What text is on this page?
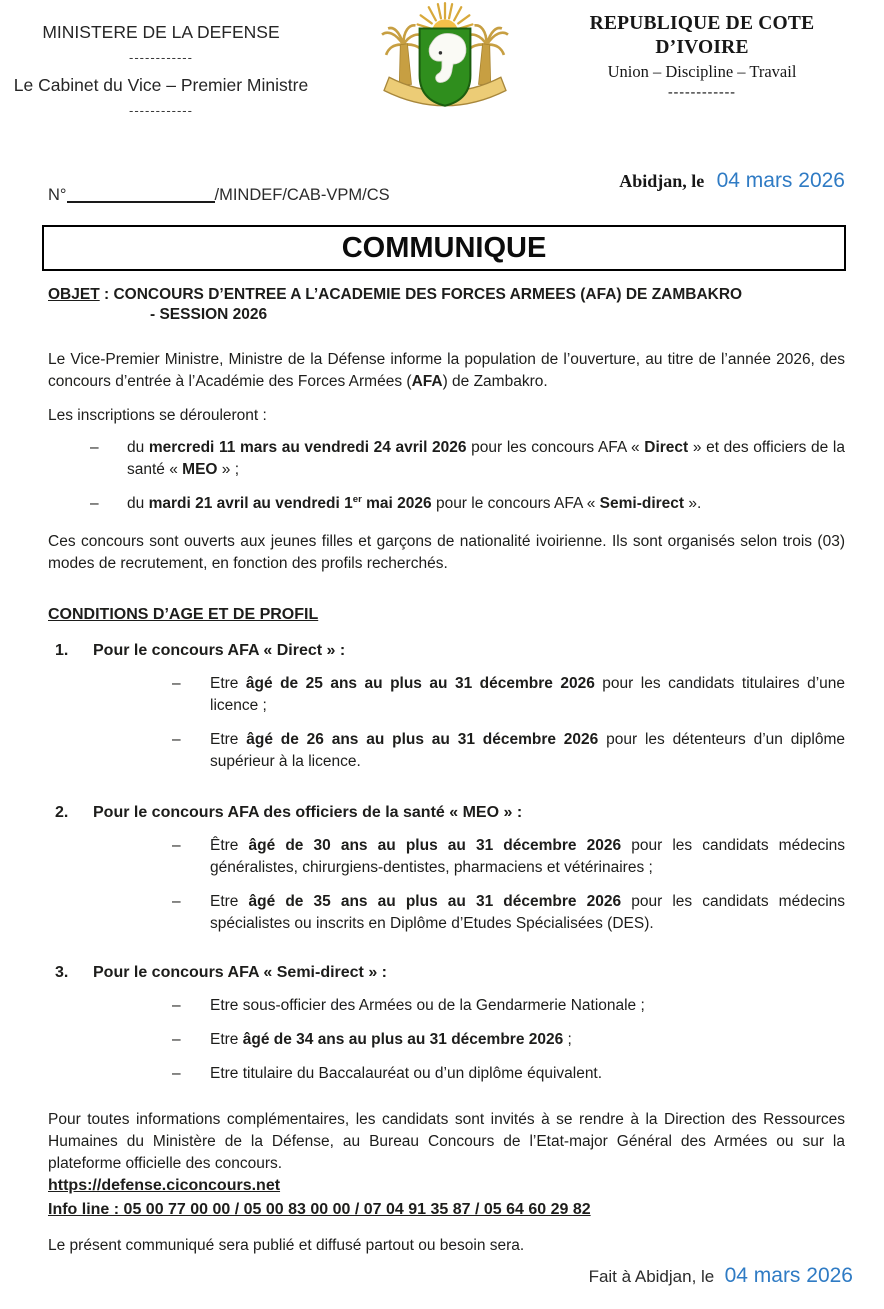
MINISTERE DE LA DEFENSE
------------
Le Cabinet du Vice – Premier Ministre
------------
REPUBLIQUE DE COTE D’IVOIRE
Union – Discipline – Travail
------------
N°	/MINDEF/CAB-VPM/CS
Abidjan, le 04 mars 2026
COMMUNIQUE
OBJET : CONCOURS D’ENTREE A L’ACADEMIE DES FORCES ARMEES (AFA) DE ZAMBAKRO
- SESSION 2026

Le Vice-Premier Ministre, Ministre de la Défense informe la population de l’ouverture, au titre de l’année 2026, des concours d’entrée à l’Académie des Forces Armées (AFA) de Zambakro.

Les inscriptions se dérouleront :

–	du mercredi 11 mars au vendredi 24 avril 2026 pour les concours AFA « Direct » et des officiers de la santé « MEO » ;
–	du mardi 21 avril au vendredi 1er mai 2026 pour le concours AFA « Semi-direct ».

Ces concours sont ouverts aux jeunes filles et garçons de nationalité ivoirienne. Ils sont organisés selon trois (03) modes de recrutement, en fonction des profils recherchés.

CONDITIONS D’AGE ET DE PROFIL
1.	Pour le concours AFA « Direct » :
–	Etre âgé de 25 ans au plus au 31 décembre 2026 pour les candidats titulaires d’une licence ;
–	Etre âgé de 26 ans au plus au 31 décembre 2026 pour les détenteurs d’un diplôme supérieur à la licence.
2.	Pour le concours AFA des officiers de la santé « MEO » :
–	Être âgé de 30 ans au plus au 31 décembre 2026 pour les candidats médecins généralistes, chirurgiens-dentistes, pharmaciens et vétérinaires ;
–	Etre âgé de 35 ans au plus au 31 décembre 2026 pour les candidats médecins spécialistes ou inscrits en Diplôme d’Etudes Spécialisées (DES).
3.	Pour le concours AFA « Semi-direct » :
–	Etre sous-officier des Armées ou de la Gendarmerie Nationale ;
–	Etre âgé de 34 ans au plus au 31 décembre 2026 ;
–	Etre titulaire du Baccalauréat ou d’un diplôme équivalent.

Pour toutes informations complémentaires, les candidats sont invités à se rendre à la Direction des Ressources Humaines du Ministère de la Défense, au Bureau Concours de l’Etat-major Général des Armées ou sur la plateforme officielle des concours.

https://defense.ciconcours.net
Info line : 05 00 77 00 00 / 05 00 83 00 00 / 07 04 91 35 87 / 05 64 60 29 82

Le présent communiqué sera publié et diffusé partout ou besoin sera.

Fait à Abidjan, le 04 mars 2026
